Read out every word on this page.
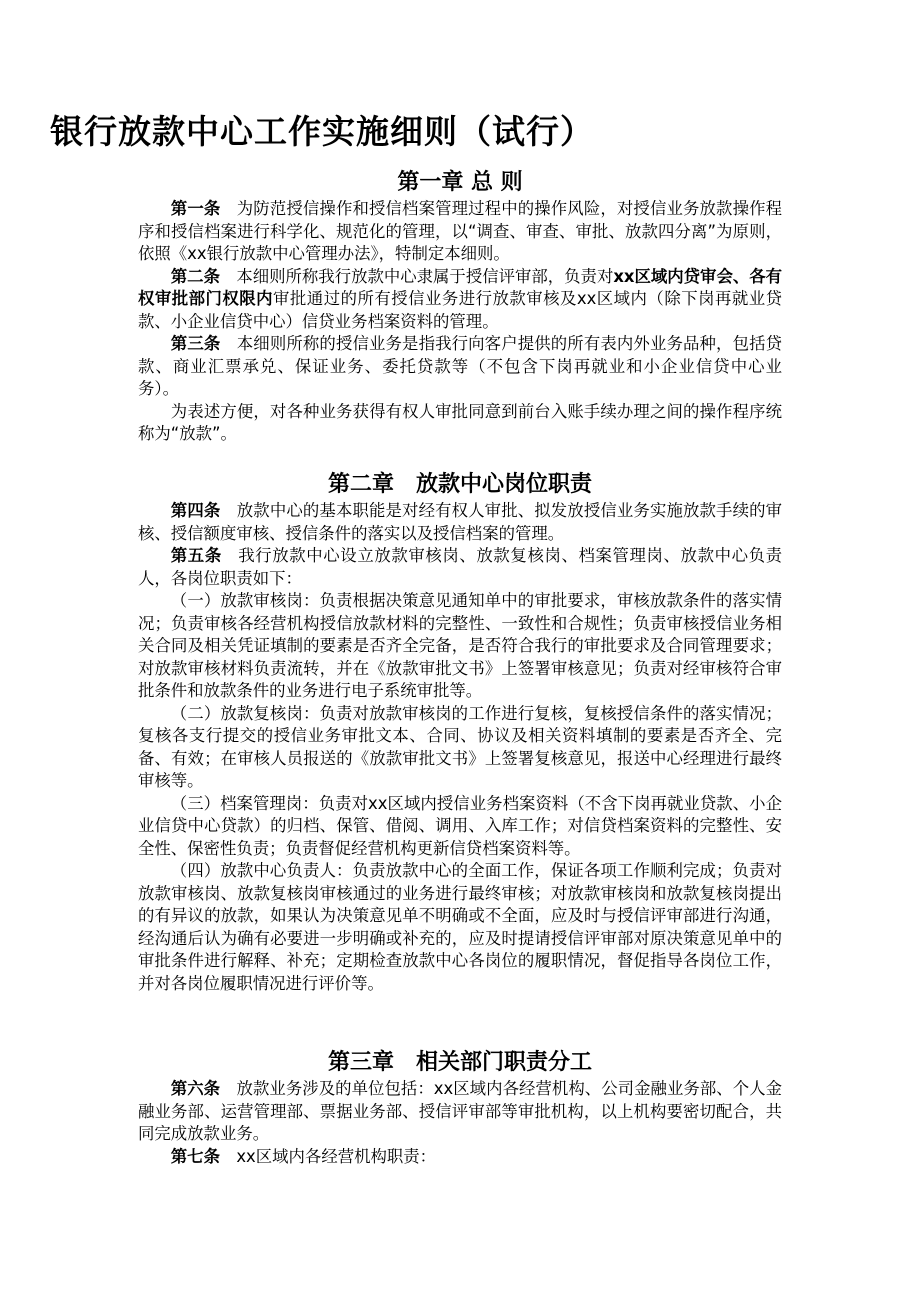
银行放款中心工作实施细则（试行）
第一章 总 则

第一条 为防范授信操作和授信档案管理过程中的操作风险，对授信业务放款操作程序和授信档案进行科学化、规范化的管理，以“调查、审查、审批、放款四分离”为原则，依照《xx银行放款中心管理办法》，特制定本细则。

第二条 本细则所称我行放款中心隶属于授信评审部，负责对xx区域内贷审会、各有权审批部门权限内审批通过的所有授信业务进行放款审核及xx区域内（除下岗再就业贷款、小企业信贷中心）信贷业务档案资料的管理。

第三条 本细则所称的授信业务是指我行向客户提供的所有表内外业务品种，包括贷款、商业汇票承兑、保证业务、委托贷款等（不包含下岗再就业和小企业信贷中心业务）。

为表述方便，对各种业务获得有权人审批同意到前台入账手续办理之间的操作程序统称为“放款”。

第二章　放款中心岗位职责

第四条 放款中心的基本职能是对经有权人审批、拟发放授信业务实施放款手续的审核、授信额度审核、授信条件的落实以及授信档案的管理。

第五条 我行放款中心设立放款审核岗、放款复核岗、档案管理岗、放款中心负责人，各岗位职责如下：

（一）放款审核岗：负责根据决策意见通知单中的审批要求，审核放款条件的落实情况；负责审核各经营机构授信放款材料的完整性、一致性和合规性；负责审核授信业务相关合同及相关凭证填制的要素是否齐全完备，是否符合我行的审批要求及合同管理要求；对放款审核材料负责流转，并在《放款审批文书》上签署审核意见；负责对经审核符合审批条件和放款条件的业务进行电子系统审批等。

（二）放款复核岗：负责对放款审核岗的工作进行复核，复核授信条件的落实情况；复核各支行提交的授信业务审批文本、合同、协议及相关资料填制的要素是否齐全、完备、有效；在审核人员报送的《放款审批文书》上签署复核意见，报送中心经理进行最终审核等。

（三）档案管理岗：负责对xx区域内授信业务档案资料（不含下岗再就业贷款、小企业信贷中心贷款）的归档、保管、借阅、调用、入库工作；对信贷档案资料的完整性、安全性、保密性负责；负责督促经营机构更新信贷档案资料等。

（四）放款中心负责人：负责放款中心的全面工作，保证各项工作顺利完成；负责对放款审核岗、放款复核岗审核通过的业务进行最终审核；对放款审核岗和放款复核岗提出的有异议的放款，如果认为决策意见单不明确或不全面，应及时与授信评审部进行沟通，经沟通后认为确有必要进一步明确或补充的，应及时提请授信评审部对原决策意见单中的审批条件进行解释、补充；定期检查放款中心各岗位的履职情况，督促指导各岗位工作，并对各岗位履职情况进行评价等。

第三章　相关部门职责分工

第六条 放款业务涉及的单位包括：xx区域内各经营机构、公司金融业务部、个人金融业务部、运营管理部、票据业务部、授信评审部等审批机构，以上机构要密切配合，共同完成放款业务。

第七条 xx区域内各经营机构职责：
